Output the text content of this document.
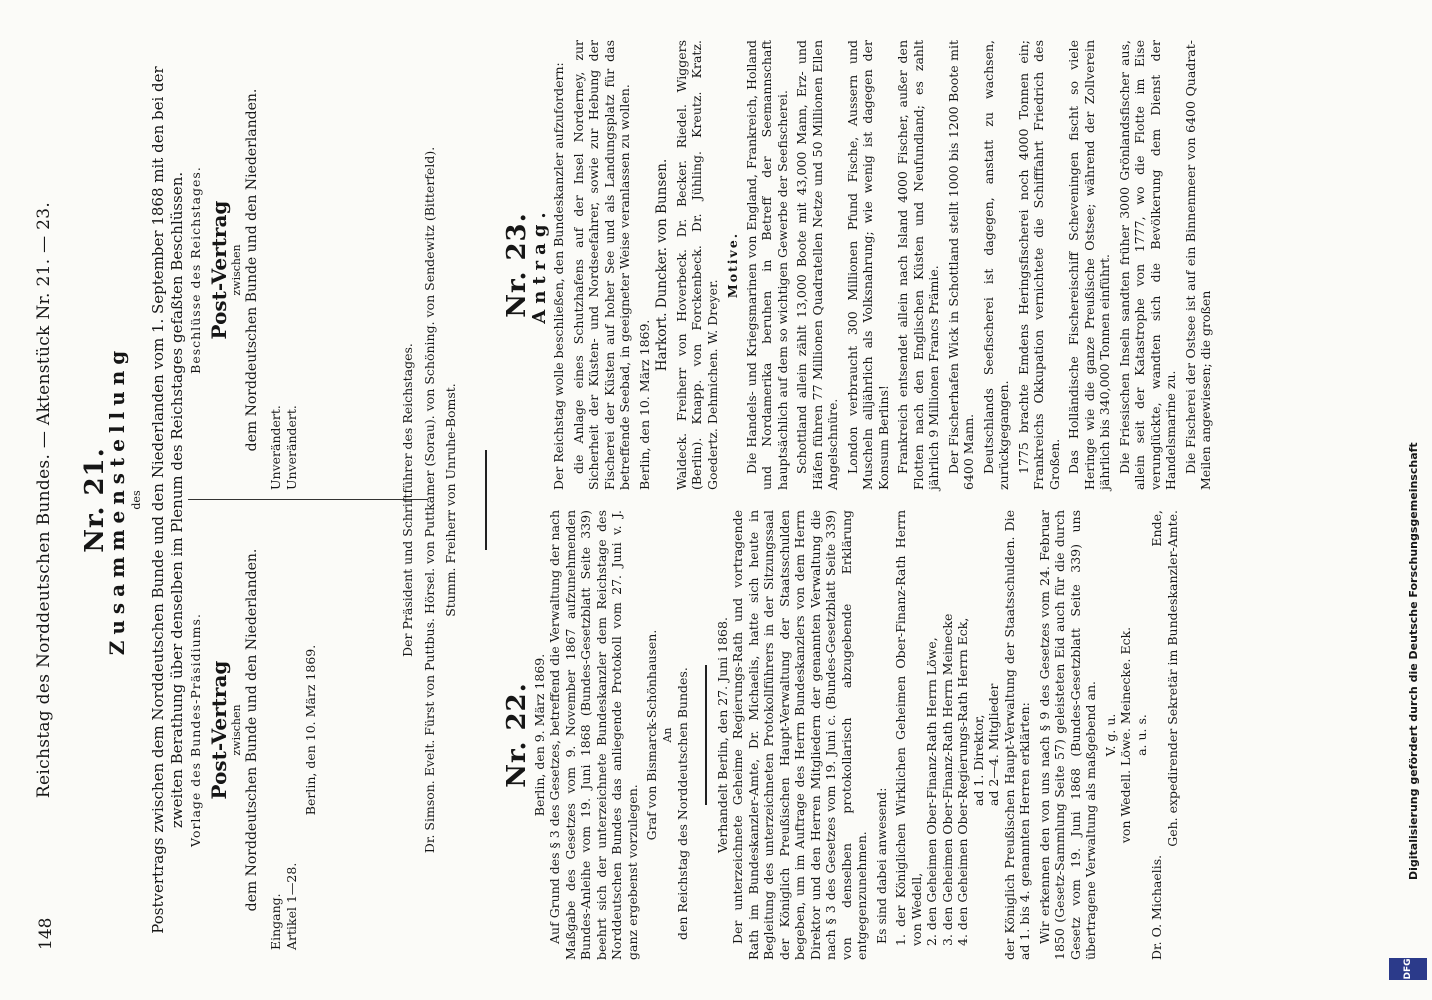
148
Reichstag des Norddeutschen Bundes. — Aktenstück Nr. 21. — 23. Nr. 21.
Zusammenstellung des Postvertrags zwischen dem Norddeutschen Bunde und den Niederlanden vom 1. September 1868 mit den bei der zweiten Berathung über denselben im Plenum des Reichstages gefaßten Beschlüssen. Vorlage des Bundes-Präsidiums. Post-Vertrag zwischen dem Norddeutschen Bunde und den Niederlanden.
Eingang. Artikel 1—28.
Berlin, den 10. März 1869.
Beschlüsse des Reichstages. Post-Vertrag zwischen dem Norddeutschen Bunde und den Niederlanden. Unverändert. Unverändert.	Der Präsident und Schriftführer des Reichstages. Dr. Simson. Evelt. Fürst von Puttbus. Hörsel. von Puttkamer (Sorau). von Schöning. von Sendewitz (Bitterfeld). Stumm. Freiherr von Unruhe-Bomst.
Nr. 22. Berlin, den 9. März 1869. Auf Grund des § 3 des Gesetzes, betreffend die Verwaltung der nach Maßgabe des Gesetzes vom 9. November 1867 aufzunehmenden Bundes-Anleihe vom 19. Juni 1868 (Bundes-Gesetzblatt Seite 339) beehrt sich der unterzeichnete Bundeskanzler dem Reichstage des Norddeutschen Bundes das anliegende Protokoll vom 27. Juni v. J. ganz ergebenst vorzulegen.

Graf von Bismarck-Schönhausen. An den Reichstag des Norddeutschen Bundes. Verhandelt Berlin, den 27. Juni 1868. Der unterzeichnete Geheime Regierungs-Rath und vortragende Rath im Bundeskanzler-Amte, Dr. Michaelis, hatte sich heute in Begleitung des unterzeichneten Protokollführers in der Sitzungssaal der Königlich Preußischen Haupt-Verwaltung der Staatsschulden begeben, um im Auftrage des Herrn Bundeskanzlers von dem Herrn Direktor und den Herren Mitgliedern der genannten Verwaltung die nach § 3 des Gesetzes vom 19. Juni c. (Bundes-Gesetzblatt Seite 339) von denselben protokollarisch abzugebende Erklärung entgegenzunehmen. Es sind dabei anwesend: 1. der Königlichen Wirklichen Geheimen Ober-Finanz-Rath Herrn von Wedell, 2. den Geheimen Ober-Finanz-Rath Herrn Löwe, 3. den Geheimen Ober-Finanz-Rath Herrn Meinecke 4. den Geheimen Ober-Regierungs-Rath Herrn Eck, ad 1. Direktor, ad 2—4. Mitglieder der Königlich Preußischen Haupt-Verwaltung der Staatsschulden. Die ad 1. bis 4. genannten Herren erklärten: Wir erkennen den von uns nach § 9 des Gesetzes vom 24. Februar 1850 (Gesetz-Sammlung Seite 57) geleisteten Eid auch für die durch Gesetz vom 19. Juni 1868 (Bundes-Gesetzblatt Seite 339) uns übertragene Verwaltung als maßgebend an. V. g. u. von Wedell. Löwe. Meinecke. Eck. a. u. s.
Dr. O. Michaelis.
Ende, Geh. expedirender Sekretär im Bundeskanzler-Amte.
Nr. 23.
Antrag. Der Reichstag wolle beschließen, den Bundeskanzler aufzufordern: die Anlage eines Schutzhafens auf der Insel Norderney, zur Sicherheit der Küsten- und Nordseefahrer, sowie zur Hebung der Fischerei der Küsten auf hoher See und als Landungsplatz für das betreffende Seebad, in geeigneter Weise veranlassen zu wollen. Berlin, den 10. März 1869.
Harkort. Duncker. von Bunsen. Waldeck. Freiherr von Hoverbeck. Dr. Becker. Riedel. Wiggers (Berlin). Knapp. von Forckenbeck. Dr. Jühling. Kreutz. Kratz. Goedertz. Dehmichen. W. Dreyer.
Motive. Die Handels- und Kriegsmarinen von England, Frankreich, Holland und Nordamerika beruhen in Betreff der Seemannschaft hauptsächlich auf dem so wichtigen Gewerbe der Seefischerei. Schottland allein zählt 13,000 Boote mit 43,000 Mann, Erz- und Häfen führen 77 Millionen Quadratellen Netze und 50 Millionen Ellen Angelschnüre. London verbraucht 300 Millionen Pfund Fische, Aussern und Muscheln alljährlich als Volksnahrung; wie wenig ist dagegen der Konsum Berlins! Frankreich entsendet allein nach Island 4000 Fischer, außer den Flotten nach den Englischen Küsten und Neufundland; es zahlt jährlich 9 Millionen Francs Prämie. Der Fischerhafen Wick in Schottland stellt 1000 bis 1200 Boote mit 6400 Mann. Deutschlands Seefischerei ist dagegen, anstatt zu wachsen, zurückgegangen. 1775 brachte Emdens Heringsfischerei noch 4000 Tonnen ein; Frankreichs Okkupation vernichtete die Schifffahrt Friedrich des Großen. Das Holländische Fischereischiff Scheveningen fischt so viele Heringe wie die ganze Preußische Ostsee; während der Zollverein jährlich bis 340,000 Tonnen einführt. Die Friesischen Inseln sandten früher 3000 Grönlandsfischer aus, allein seit der Katastrophe von 1777, wo die Flotte im Eise verunglückte, wandten sich die Bevölkerung dem Dienst der Handelsmarine zu. Die Fischerei der Ostsee ist auf ein Binnenmeer von 6400 Quadrat-Meilen angewiesen; die großen

DFG
Digitalisierung gefördert durch die Deutsche Forschungsgemeinschaft
